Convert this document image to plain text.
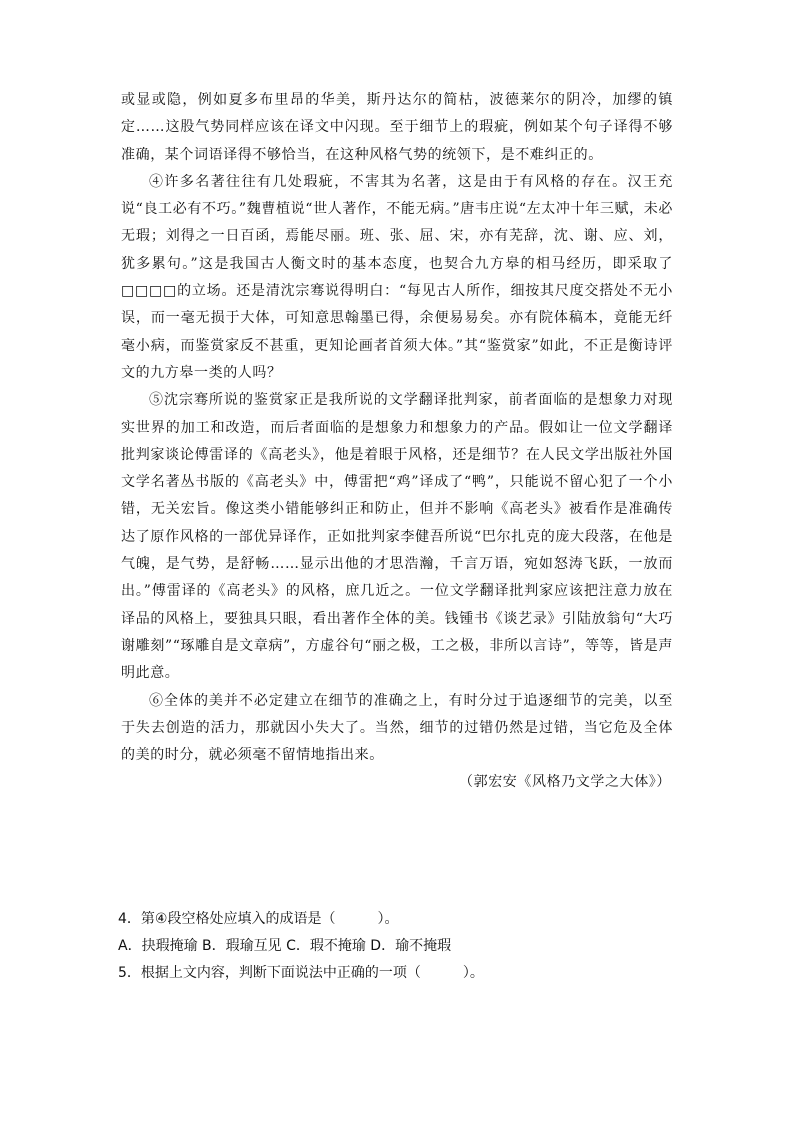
或显或隐，例如夏多布里昂的华美，斯丹达尔的简枯，波德莱尔的阴冷，加缪的镇定……这股气势同样应该在译文中闪现。至于细节上的瑕疵，例如某个句子译得不够准确，某个词语译得不够恰当，在这种风格气势的统领下，是不难纠正的。

④许多名著往往有几处瑕疵，不害其为名著，这是由于有风格的存在。汉王充说“良工必有不巧。”魏曹植说“世人著作，不能无病。”唐韦庄说“左太冲十年三赋，未必无瑕；刘得之一日百函，焉能尽丽。班、张、屈、宋，亦有芜辞，沈、谢、应、刘，犹多累句。”这是我国古人衡文时的基本态度，也契合九方皋的相马经历，即采取了□□□□的立场。还是清沈宗骞说得明白：“每见古人所作，细按其尺度交搭处不无小误，而一毫无损于大体，可知意思翰墨已得，余便易易矣。亦有院体稿本，竟能无纤毫小病，而鉴赏家反不甚重，更知论画者首须大体。”其“鉴赏家”如此，不正是衡诗评文的九方皋一类的人吗？

⑤沈宗骞所说的鉴赏家正是我所说的文学翻译批判家，前者面临的是想象力对现实世界的加工和改造，而后者面临的是想象力和想象力的产品。假如让一位文学翻译批判家谈论傅雷译的《高老头》，他是着眼于风格，还是细节？在人民文学出版社外国文学名著丛书版的《高老头》中，傅雷把“鸡”译成了“鸭”，只能说不留心犯了一个小错，无关宏旨。像这类小错能够纠正和防止，但并不影响《高老头》被看作是准确传达了原作风格的一部优异译作，正如批判家李健吾所说“巴尔扎克的庞大段落，在他是气魄，是气势，是舒畅……显示出他的才思浩瀚，千言万语，宛如怒涛飞跃，一放而出。”傅雷译的《高老头》的风格，庶几近之。一位文学翻译批判家应该把注意力放在译品的风格上，要独具只眼，看出著作全体的美。钱锺书《谈艺录》引陆放翁句“大巧谢雕刻”“琢雕自是文章病”，方虚谷句“丽之极，工之极，非所以言诗”，等等，皆是声明此意。

⑥全体的美并不必定建立在细节的准确之上，有时分过于追逐细节的完美，以至于失去创造的活力，那就因小失大了。当然，细节的过错仍然是过错，当它危及全体的美的时分，就必须毫不留情地指出来。

（郭宏安《风格乃文学之大体》）

4．第④段空格处应填入的成语是（　　　）。

A．抉瑕掩瑜 B．瑕瑜互见 C．瑕不掩瑜 D．瑜不掩瑕

5．根据上文内容，判断下面说法中正确的一项（　　　）。
